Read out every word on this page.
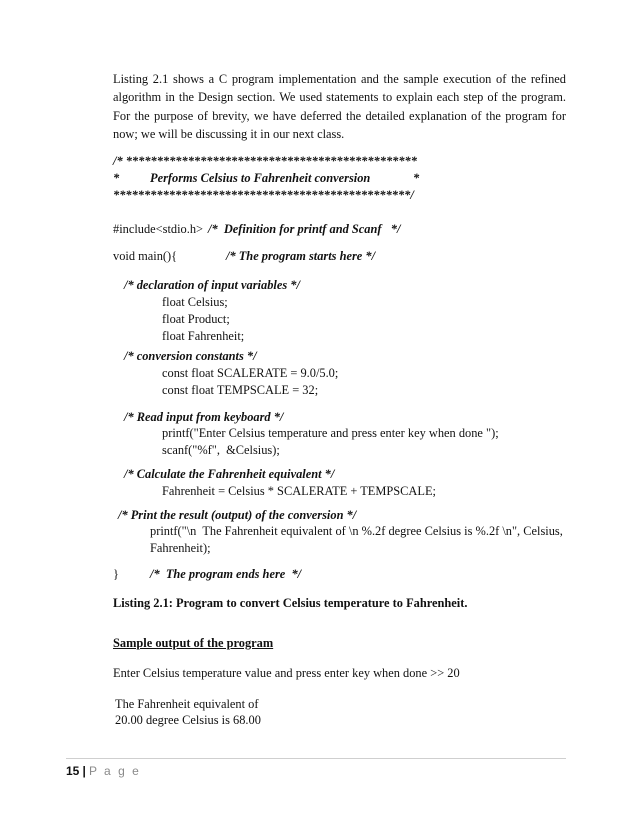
Listing 2.1 shows a C program implementation and the sample execution of the refined algorithm in the Design section. We used statements to explain each step of the program. For the purpose of brevity, we have deferred the detailed explanation of the program for now; we will be discussing it in our next class.
/* ***********************************************
* Performs Celsius to Fahrenheit conversion	*
************************************************/
#include<stdio.h> /*  Definition for printf and Scanf   */
void main(){	/* The program starts here */
/* declaration of input variables */
float Celsius;
float Product;
float Fahrenheit;
/* conversion constants */
const float SCALERATE = 9.0/5.0;
const float TEMPSCALE = 32;
/* Read input from keyboard */
printf("Enter Celsius temperature and press enter key when done ");
scanf("%f",  &Celsius);
/* Calculate the Fahrenheit equivalent */
Fahrenheit = Celsius * SCALERATE + TEMPSCALE;
/* Print the result (output) of the conversion */
printf("\n  The Fahrenheit equivalent of \n %.2f degree Celsius is %.2f \n", Celsius,
Fahrenheit);
}	/*  The program ends here  */
Listing 2.1: Program to convert Celsius temperature to Fahrenheit.
Sample output of the program
Enter Celsius temperature value and press enter key when done >> 20
The Fahrenheit equivalent of
20.00 degree Celsius is 68.00
15 | P a g e
